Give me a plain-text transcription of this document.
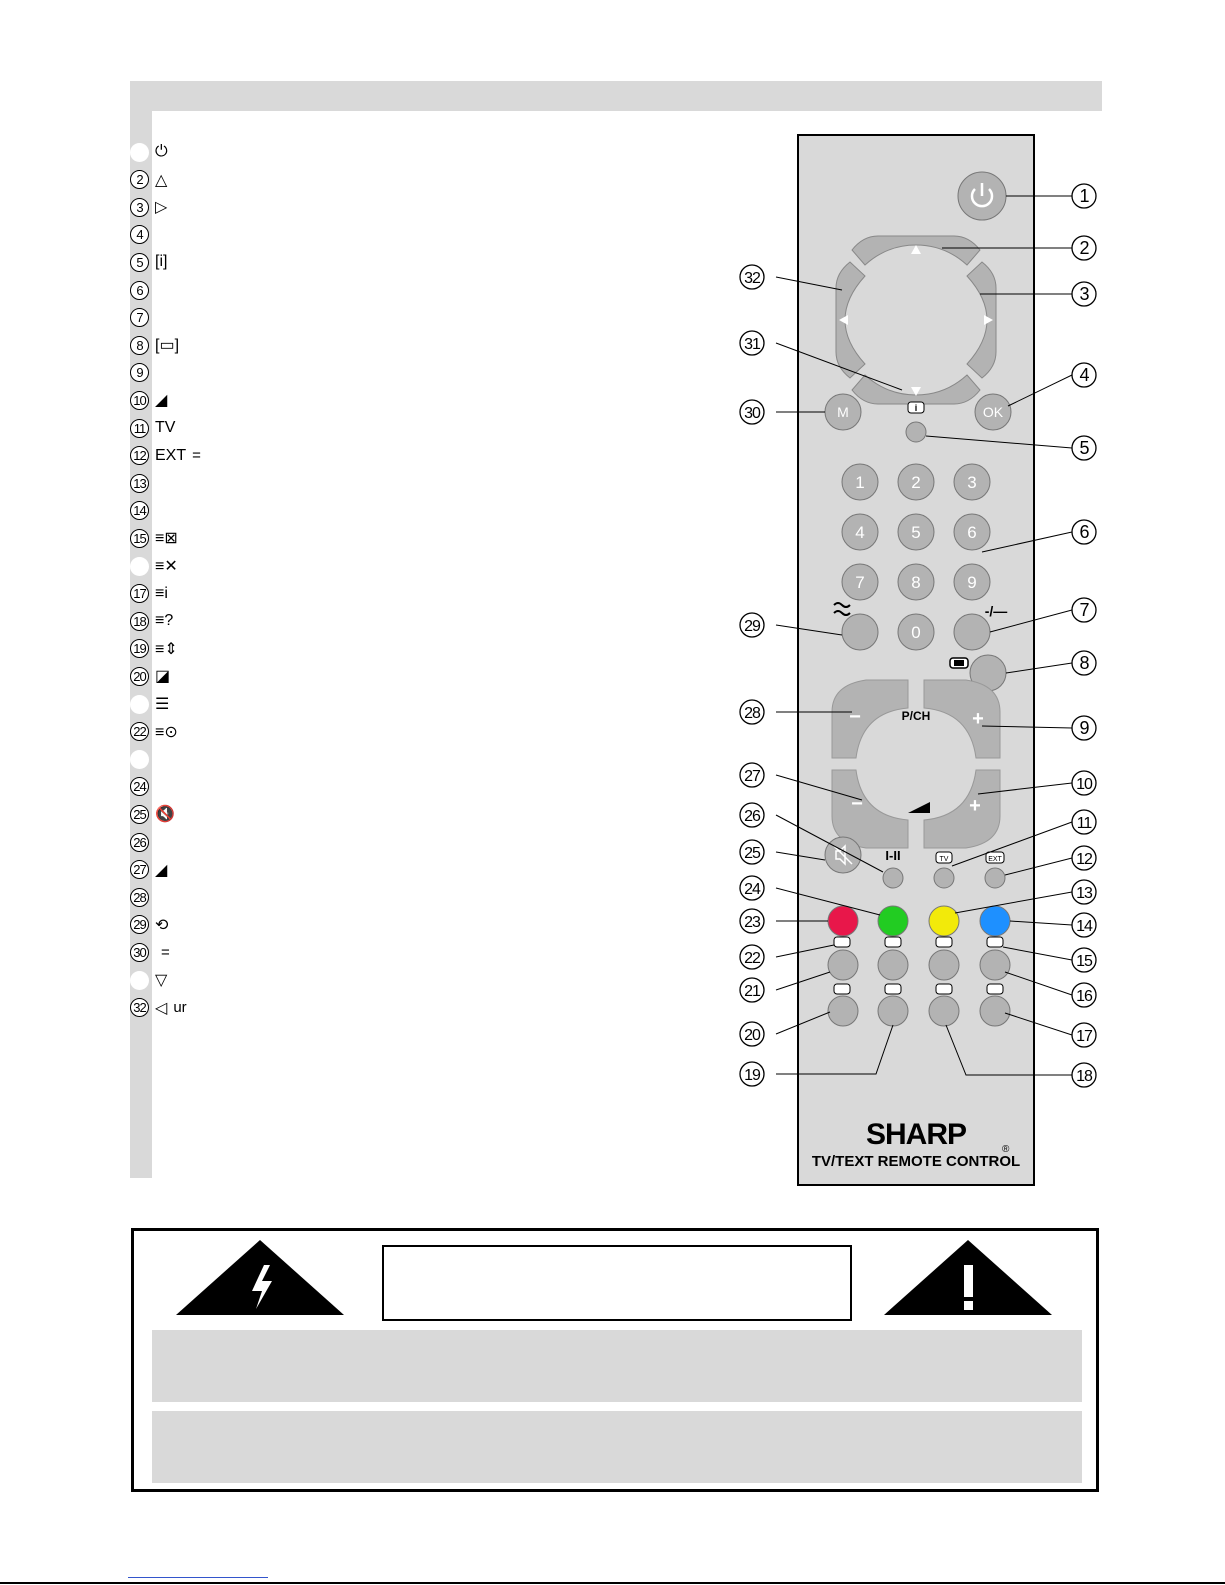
⏻
2 △
3 ▷
4
5 [i]
6
7
8 [▭]
9
10 ◢
11 TV
12 EXT =
13
14
15 ≡⊠
≡✕
17 ≡i
18 ≡?
19 ≡⇕
20 ◪
☰
22 ≡⊙
24
25 🔇
26
27 ◢
28
29 ⟲
30 =
▽
32 ◁ ur
OK
M	i
1	2	3
4	5	6
7	8	9
0
-/—
P/CH
−	+
−	+
I-II	TV	EXT
SHARP	®
TV/TEXT REMOTE CONTROL
1
2
3
4
5
6
7
8
9
10
11
12
13
14
15
16
17
18
32
31
30
29
28
27
26
25
24
23
22
21
20
19
